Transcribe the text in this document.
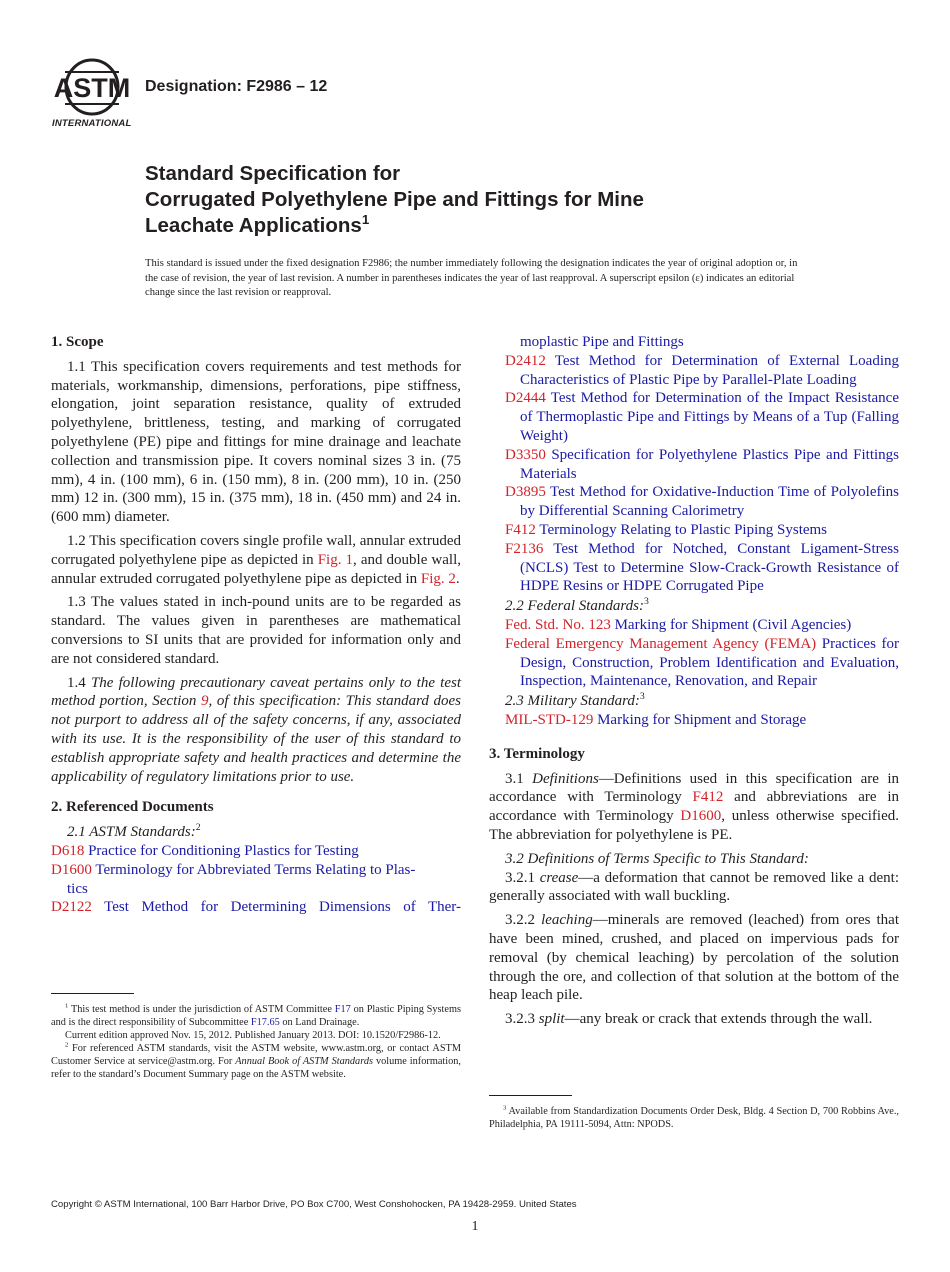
ASTM
INTERNATIONAL
Designation: F2986 – 12
Standard Specification for
Corrugated Polyethylene Pipe and Fittings for Mine
Leachate Applications$^1$
This standard is issued under the fixed designation F2986; the number immediately following the designation indicates the year of original adoption or, in the case of revision, the year of last revision. A number in parentheses indicates the year of last reapproval. A superscript epsilon (ε) indicates an editorial change since the last revision or reapproval.

1. Scope

1.1 This specification covers requirements and test methods for materials, workmanship, dimensions, perforations, pipe stiffness, elongation, joint separation resistance, quality of extruded polyethylene, brittleness, testing, and marking of corrugated polyethylene (PE) pipe and fittings for mine drainage and leachate collection and transmission pipe. It covers nominal sizes 3 in. (75 mm), 4 in. (100 mm), 6 in. (150 mm), 8 in. (200 mm), 10 in. (250 mm) 12 in. (300 mm), 15 in. (375 mm), 18 in. (450 mm) and 24 in. (600 mm) diameter.

1.2 This specification covers single profile wall, annular extruded corrugated polyethylene pipe as depicted in Fig. 1, and double wall, annular extruded corrugated polyethylene pipe as depicted in Fig. 2.

1.3 The values stated in inch-pound units are to be regarded as standard. The values given in parentheses are mathematical conversions to SI units that are provided for information only and are not considered standard.

1.4 The following precautionary caveat pertains only to the test method portion, Section 9, of this specification: This standard does not purport to address all of the safety concerns, if any, associated with its use. It is the responsibility of the user of this standard to establish appropriate safety and health practices and determine the applicability of regulatory limitations prior to use.

2. Referenced Documents

2.1 ASTM Standards:$^2$

D618 Practice for Conditioning Plastics for Testing

D1600 Terminology for Abbreviated Terms Relating to Plas-
tics

D2122 Test Method for Determining Dimensions of Ther-

$^1$ This test method is under the jurisdiction of ASTM Committee F17 on Plastic Piping Systems and is the direct responsibility of Subcommittee F17.65 on Land Drainage.

Current edition approved Nov. 15, 2012. Published January 2013. DOI: 10.1520/F2986-12.

$^2$ For referenced ASTM standards, visit the ASTM website, www.astm.org, or contact ASTM Customer Service at service@astm.org. For Annual Book of ASTM Standards volume information, refer to the standard’s Document Summary page on the ASTM website.

moplastic Pipe and Fittings

D2412 Test Method for Determination of External Loading Characteristics of Plastic Pipe by Parallel-Plate Loading

D2444 Test Method for Determination of the Impact Resistance of Thermoplastic Pipe and Fittings by Means of a Tup (Falling Weight)

D3350 Specification for Polyethylene Plastics Pipe and Fittings Materials

D3895 Test Method for Oxidative-Induction Time of Polyolefins by Differential Scanning Calorimetry

F412 Terminology Relating to Plastic Piping Systems

F2136 Test Method for Notched, Constant Ligament-Stress (NCLS) Test to Determine Slow-Crack-Growth Resistance of HDPE Resins or HDPE Corrugated Pipe

2.2 Federal Standards:$^3$

Fed. Std. No. 123 Marking for Shipment (Civil Agencies)

Federal Emergency Management Agency (FEMA) Practices for Design, Construction, Problem Identification and Evaluation, Inspection, Maintenance, Renovation, and Repair

2.3 Military Standard:$^3$

MIL-STD-129 Marking for Shipment and Storage

3. Terminology

3.1 Definitions—Definitions used in this specification are in accordance with Terminology F412 and abbreviations are in accordance with Terminology D1600, unless otherwise specified. The abbreviation for polyethylene is PE.

3.2 Definitions of Terms Specific to This Standard:

3.2.1 crease—a deformation that cannot be removed like a dent: generally associated with wall buckling.

3.2.2 leaching—minerals are removed (leached) from ores that have been mined, crushed, and placed on impervious pads for removal (by chemical leaching) by percolation of the solution through the ore, and collection of that solution at the bottom of the heap leach pile.

3.2.3 split—any break or crack that extends through the wall.

$^3$ Available from Standardization Documents Order Desk, Bldg. 4 Section D, 700 Robbins Ave., Philadelphia, PA 19111-5094, Attn: NPODS.

Copyright © ASTM International, 100 Barr Harbor Drive, PO Box C700, West Conshohocken, PA 19428-2959. United States
1
